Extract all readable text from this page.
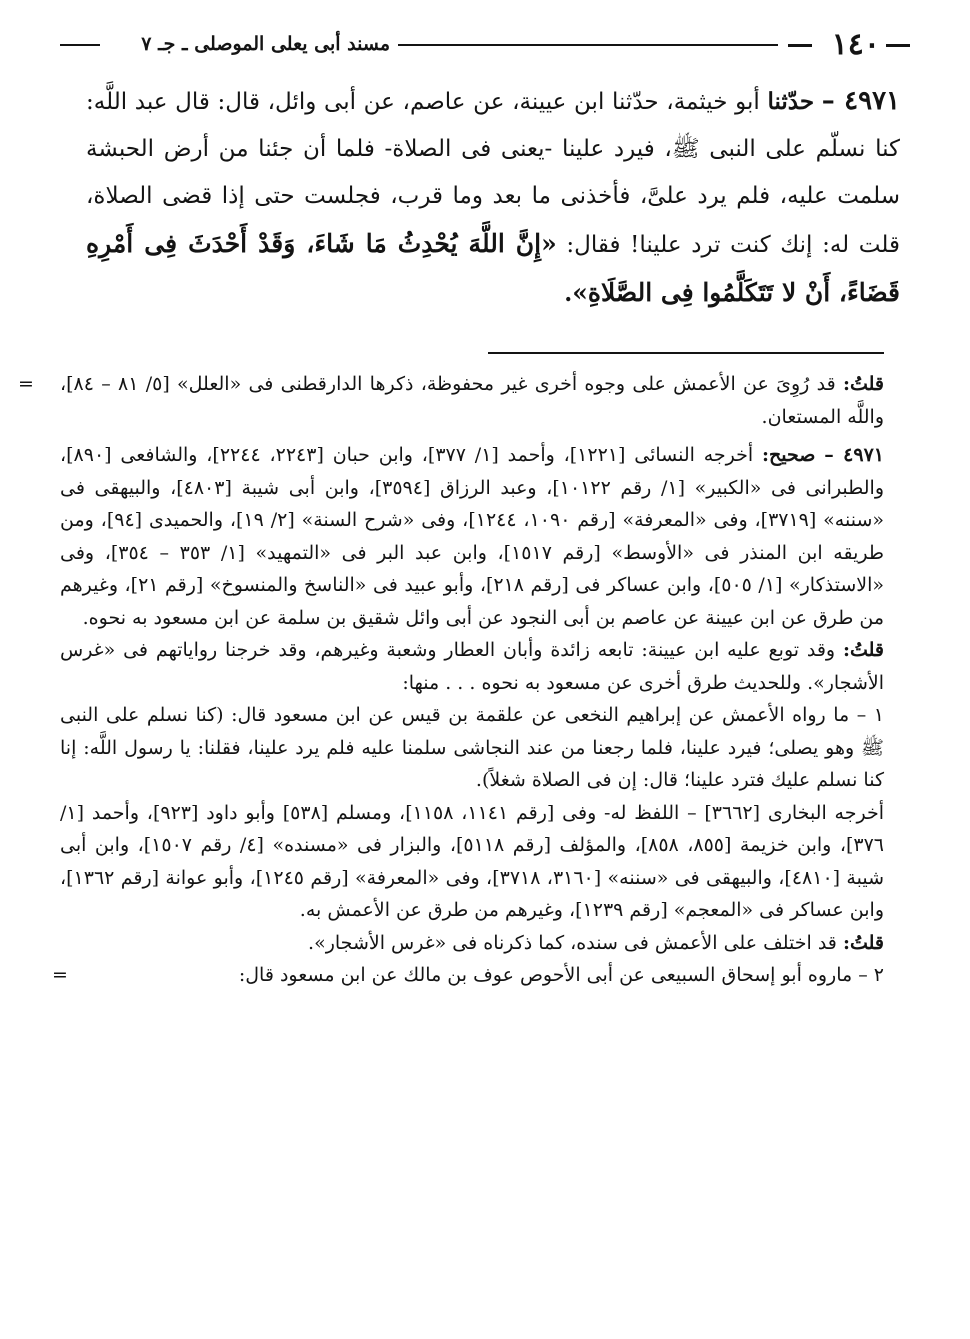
١٤٠
مسند أبى يعلى الموصلى ـ جـ ٧
٤٩٧١ – حدّثنا أبو خيثمة، حدّثنا ابن عيينة، عن عاصم، عن أبى وائل، قال: قال عبد اللَّه: كنا نسلّم على النبى ﷺ، فيرد علينا -يعنى فى الصلاة- فلما أن جئنا من أرض الحبشة سلمت عليه، فلم يرد علىَّ، فأخذنى ما بعد وما قرب، فجلست حتى إذا قضى الصلاة، قلت له: إنك كنت ترد علينا! فقال: «إِنَّ اللَّهَ يُحْدِثُ مَا شَاءَ، وَقَدْ أَحْدَثَ فِى أَمْرِهِ قَضَاءً، أَنْ لا تَتَكَلَّمُوا فِى الصَّلَاةِ».

=	قلتُ: قد رُوِىَ عن الأعمش على وجوه أخرى غير محفوظة، ذكرها الدارقطنى فى «العلل» [٥/ ٨١ – ٨٤]، واللَّه المستعان.

٤٩٧١ – صحيح: أخرجه النسائى [١٢٢١]، وأحمد [١/ ٣٧٧]، وابن حبان [٢٢٤٣، ٢٢٤٤]، والشافعى [٨٩٠]، والطبرانى فى «الكبير» [١/ رقم ١٠١٢٢]، وعبد الرزاق [٣٥٩٤]، وابن أبى شيبة [٤٨٠٣]، والبيهقى فى «سننه» [٣٧١٩]، وفى «المعرفة» [رقم ١٠٩٠، ١٢٤٤]، وفى «شرح السنة» [٢/ ١٩]، والحميدى [٩٤]، ومن طريقه ابن المنذر فى «الأوسط» [رقم ١٥١٧]، وابن عبد البر فى «التمهيد» [١/ ٣٥٣ – ٣٥٤]، وفى «الاستذكار» [١/ ٥٠٥]، وابن عساكر فى [رقم ٢١٨]، وأبو عبيد فى «الناسخ والمنسوخ» [رقم ٢١]، وغيرهم من طرق عن ابن عيينة عن عاصم بن أبى النجود عن أبى وائل شقيق بن سلمة عن ابن مسعود به نحوه.

قلتُ: وقد توبع عليه ابن عيينة: تابعه زائدة وأبان العطار وشعبة وغيرهم، وقد خرجنا رواياتهم فى «غرس الأشجار». وللحديث طرق أخرى عن مسعود به نحوه . . . منها:

١ – ما رواه الأعمش عن إبراهيم النخعى عن علقمة بن قيس عن ابن مسعود قال: (كنا نسلم على النبى ﷺ وهو يصلى؛ فيرد علينا، فلما رجعنا من عند النجاشى سلمنا عليه فلم يرد علينا، فقلنا: يا رسول اللَّه: إنا كنا نسلم عليك فترد علينا؛ قال: إن فى الصلاة شغلاً).

أخرجه البخارى [٣٦٦٢] – اللفظ له- وفى [رقم ١١٤١، ١١٥٨]، ومسلم [٥٣٨] وأبو داود [٩٢٣]، وأحمد [١/ ٣٧٦]، وابن خزيمة [٨٥٥، ٨٥٨]، والمؤلف [رقم ٥١١٨]، والبزار فى «مسنده» [٤/ رقم ١٥٠٧]، وابن أبى شيبة [٤٨١٠]، والبيهقى فى «سننه» [٣١٦٠، ٣٧١٨]، وفى «المعرفة» [رقم ١٢٤٥]، وأبو عوانة [رقم ١٣٦٢]، وابن عساكر فى «المعجم» [رقم ١٢٣٩]، وغيرهم من طرق عن الأعمش به.

قلتُ: قد اختلف على الأعمش فى سنده، كما ذكرناه فى «غرس الأشجار».

٢ – ماروه أبو إسحاق السبيعى عن أبى الأحوص عوف بن مالك عن ابن مسعود قال:
=
